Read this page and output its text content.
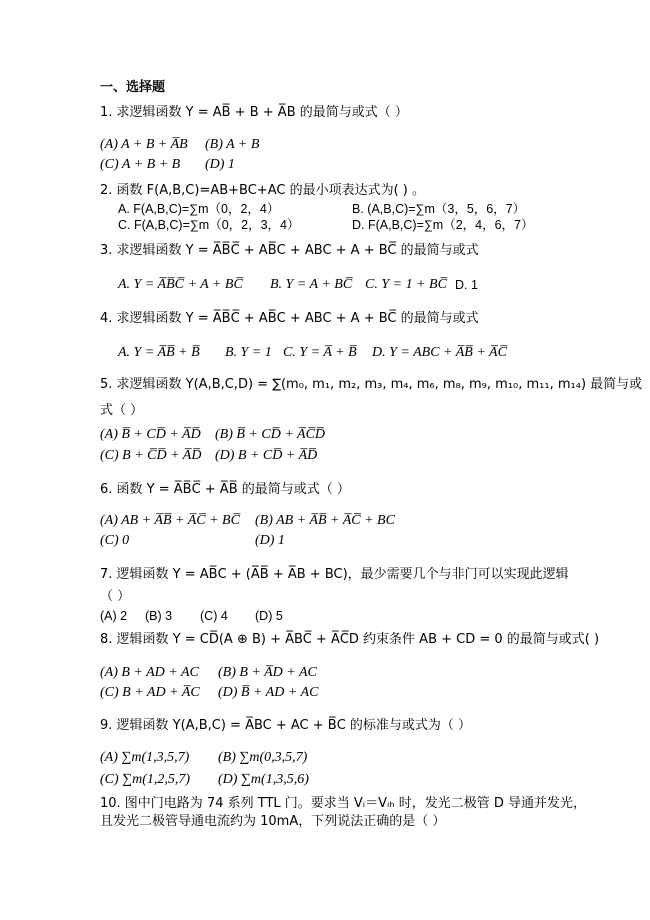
一、选择题
1. 求逻辑函数 Y = AB̅ + B + A̅B 的最简与或式（ ）
(A) A + B + A̅B (B) A + B
(C) A + B + B (D) 1
2. 函数 F(A,B,C)=AB+BC+AC 的最小项表达式为( ) 。
A. F(A,B,C)=∑m（0，2，4）	B. (A,B,C)=∑m（3，5，6，7）
C. F(A,B,C)=∑m（0，2，3，4）	D. F(A,B,C)=∑m（2，4，6，7）
3. 求逻辑函数 Y = A̅B̅C̅ + AB̅C + ABC + A + BC̅ 的最简与或式
A. Y = A̅B̅C̅ + A + BC̅ B. Y = A + BC̅ C. Y = 1 + BC̅ D. 1
4. 求逻辑函数 Y = A̅B̅C̅ + AB̅C + ABC + A + BC̅ 的最简与或式
A. Y = A̅B̅ + B̅ B. Y = 1 C. Y = A̅ + B̅ D. Y = ABC + A̅B̅ + A̅C̅
5. 求逻辑函数 Y(A,B,C,D) = ∑(m₀, m₁, m₂, m₃, m₄, m₆, m₈, m₉, m₁₀, m₁₁, m₁₄) 最简与或
式（ ）
(A) B̅ + CD̅ + A̅D̅ (B) B̅ + CD̅ + A̅C̅D̅
(C) B + C̅D̅ + A̅D̅ (D) B + CD̅ + A̅D̅
6. 函数 Y = A̅B̅C̅ + A̅B̅ 的最简与或式（ ）
(A) AB + A̅B̅ + A̅C̅ + BC̅ (B) AB + A̅B̅ + A̅C̅ + BC
(C) 0	(D) 1
7. 逻辑函数 Y = AB̅C + (A̅B̅ + A̅B + BC)，最少需要几个与非门可以实现此逻辑
（ ）
(A) 2 (B) 3 (C) 4 (D) 5
8. 逻辑函数 Y = CD̅(A ⊕ B) + A̅BC̅ + A̅C̅D 约束条件 AB + CD = 0 的最简与或式( )
(A) B + AD + AC (B) B + A̅D + AC
(C) B + AD + A̅C (D) B̅ + AD + AC
9. 逻辑函数 Y(A,B,C) = A̅BC + AC + B̅C 的标准与或式为（ ）
(A) ∑m(1,3,5,7) (B) ∑m(0,3,5,7)
(C) ∑m(1,2,5,7) (D) ∑m(1,3,5,6)
10. 图中门电路为 74 系列 TTL 门。要求当 Vᵢ＝Vᵢₕ 时，发光二极管 D 导通并发光，
且发光二极管导通电流约为 10mA，下列说法正确的是（ ）
